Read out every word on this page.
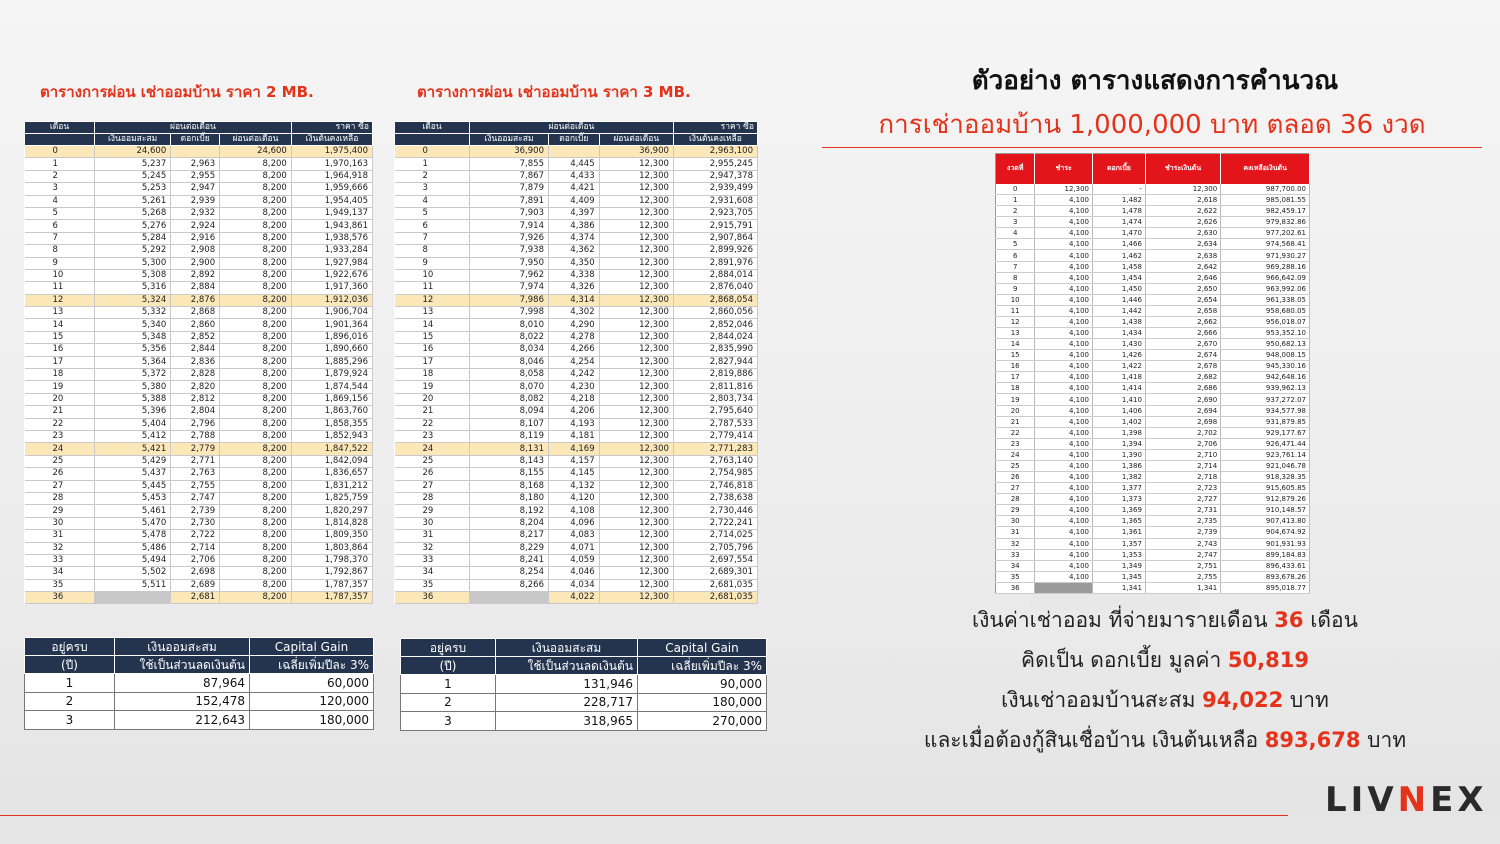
ตารางการผ่อน เช่าออมบ้าน ราคา 2 MB.
เดือน	ผ่อนต่อเดือน			ราคา ซื้อ
	เงินออมสะสม	ดอกเบี้ย	ผ่อนต่อเดือน	เงินต้นคงเหลือ
0	24,600		24,600	1,975,400
1	5,237	2,963	8,200	1,970,163
2	5,245	2,955	8,200	1,964,918
3	5,253	2,947	8,200	1,959,666
4	5,261	2,939	8,200	1,954,405
5	5,268	2,932	8,200	1,949,137
6	5,276	2,924	8,200	1,943,861
7	5,284	2,916	8,200	1,938,576
8	5,292	2,908	8,200	1,933,284
9	5,300	2,900	8,200	1,927,984
10	5,308	2,892	8,200	1,922,676
11	5,316	2,884	8,200	1,917,360
12	5,324	2,876	8,200	1,912,036
13	5,332	2,868	8,200	1,906,704
14	5,340	2,860	8,200	1,901,364
15	5,348	2,852	8,200	1,896,016
16	5,356	2,844	8,200	1,890,660
17	5,364	2,836	8,200	1,885,296
18	5,372	2,828	8,200	1,879,924
19	5,380	2,820	8,200	1,874,544
20	5,388	2,812	8,200	1,869,156
21	5,396	2,804	8,200	1,863,760
22	5,404	2,796	8,200	1,858,355
23	5,412	2,788	8,200	1,852,943
24	5,421	2,779	8,200	1,847,522
25	5,429	2,771	8,200	1,842,094
26	5,437	2,763	8,200	1,836,657
27	5,445	2,755	8,200	1,831,212
28	5,453	2,747	8,200	1,825,759
29	5,461	2,739	8,200	1,820,297
30	5,470	2,730	8,200	1,814,828
31	5,478	2,722	8,200	1,809,350
32	5,486	2,714	8,200	1,803,864
33	5,494	2,706	8,200	1,798,370
34	5,502	2,698	8,200	1,792,867
35	5,511	2,689	8,200	1,787,357
36		2,681	8,200	1,787,357
อยู่ครบ	เงินออมสะสม	Capital Gain
(ปี)	ใช้เป็นส่วนลดเงินต้น	เฉลี่ยเพิ่มปีละ 3%
1	87,964	60,000
2	152,478	120,000
3	212,643	180,000
ตารางการผ่อน เช่าออมบ้าน ราคา 3 MB.
เดือน	ผ่อนต่อเดือน			ราคา ซื้อ
	เงินออมสะสม	ดอกเบี้ย	ผ่อนต่อเดือน	เงินต้นคงเหลือ
0	36,900		36,900	2,963,100
1	7,855	4,445	12,300	2,955,245
2	7,867	4,433	12,300	2,947,378
3	7,879	4,421	12,300	2,939,499
4	7,891	4,409	12,300	2,931,608
5	7,903	4,397	12,300	2,923,705
6	7,914	4,386	12,300	2,915,791
7	7,926	4,374	12,300	2,907,864
8	7,938	4,362	12,300	2,899,926
9	7,950	4,350	12,300	2,891,976
10	7,962	4,338	12,300	2,884,014
11	7,974	4,326	12,300	2,876,040
12	7,986	4,314	12,300	2,868,054
13	7,998	4,302	12,300	2,860,056
14	8,010	4,290	12,300	2,852,046
15	8,022	4,278	12,300	2,844,024
16	8,034	4,266	12,300	2,835,990
17	8,046	4,254	12,300	2,827,944
18	8,058	4,242	12,300	2,819,886
19	8,070	4,230	12,300	2,811,816
20	8,082	4,218	12,300	2,803,734
21	8,094	4,206	12,300	2,795,640
22	8,107	4,193	12,300	2,787,533
23	8,119	4,181	12,300	2,779,414
24	8,131	4,169	12,300	2,771,283
25	8,143	4,157	12,300	2,763,140
26	8,155	4,145	12,300	2,754,985
27	8,168	4,132	12,300	2,746,818
28	8,180	4,120	12,300	2,738,638
29	8,192	4,108	12,300	2,730,446
30	8,204	4,096	12,300	2,722,241
31	8,217	4,083	12,300	2,714,025
32	8,229	4,071	12,300	2,705,796
33	8,241	4,059	12,300	2,697,554
34	8,254	4,046	12,300	2,689,301
35	8,266	4,034	12,300	2,681,035
36		4,022	12,300	2,681,035
อยู่ครบ	เงินออมสะสม	Capital Gain
(ปี)	ใช้เป็นส่วนลดเงินต้น	เฉลี่ยเพิ่มปีละ 3%
1	131,946	90,000
2	228,717	180,000
3	318,965	270,000
ตัวอย่าง ตารางแสดงการคำนวณ
การเช่าออมบ้าน 1,000,000 บาท ตลอด 36 งวด
งวดที่	ชำระ	ดอกเบี้ย	ชำระเงินต้น	คงเหลือเงินต้น
0	12,300	-	12,300	987,700.00
1	4,100	1,482	2,618	985,081.55
2	4,100	1,478	2,622	982,459.17
3	4,100	1,474	2,626	979,832.86
4	4,100	1,470	2,630	977,202.61
5	4,100	1,466	2,634	974,568.41
6	4,100	1,462	2,638	971,930.27
7	4,100	1,458	2,642	969,288.16
8	4,100	1,454	2,646	966,642.09
9	4,100	1,450	2,650	963,992.06
10	4,100	1,446	2,654	961,338.05
11	4,100	1,442	2,658	958,680.05
12	4,100	1,438	2,662	956,018.07
13	4,100	1,434	2,666	953,352.10
14	4,100	1,430	2,670	950,682.13
15	4,100	1,426	2,674	948,008.15
16	4,100	1,422	2,678	945,330.16
17	4,100	1,418	2,682	942,648.16
18	4,100	1,414	2,686	939,962.13
19	4,100	1,410	2,690	937,272.07
20	4,100	1,406	2,694	934,577.98
21	4,100	1,402	2,698	931,879.85
22	4,100	1,398	2,702	929,177.67
23	4,100	1,394	2,706	926,471.44
24	4,100	1,390	2,710	923,761.14
25	4,100	1,386	2,714	921,046.78
26	4,100	1,382	2,718	918,328.35
27	4,100	1,377	2,723	915,605.85
28	4,100	1,373	2,727	912,879.26
29	4,100	1,369	2,731	910,148.57
30	4,100	1,365	2,735	907,413.80
31	4,100	1,361	2,739	904,674.92
32	4,100	1,357	2,743	901,931.93
33	4,100	1,353	2,747	899,184.83
34	4,100	1,349	2,751	896,433.61
35	4,100	1,345	2,755	893,678.26
36		1,341	1,341	895,018.77
เงินค่าเช่าออม ที่จ่ายมารายเดือน 36 เดือน
คิดเป็น ดอกเบี้ย มูลค่า 50,819
เงินเช่าออมบ้านสะสม 94,022 บาท
และเมื่อต้องกู้สินเชื่อบ้าน เงินต้นเหลือ 893,678 บาท
LIVNEX
